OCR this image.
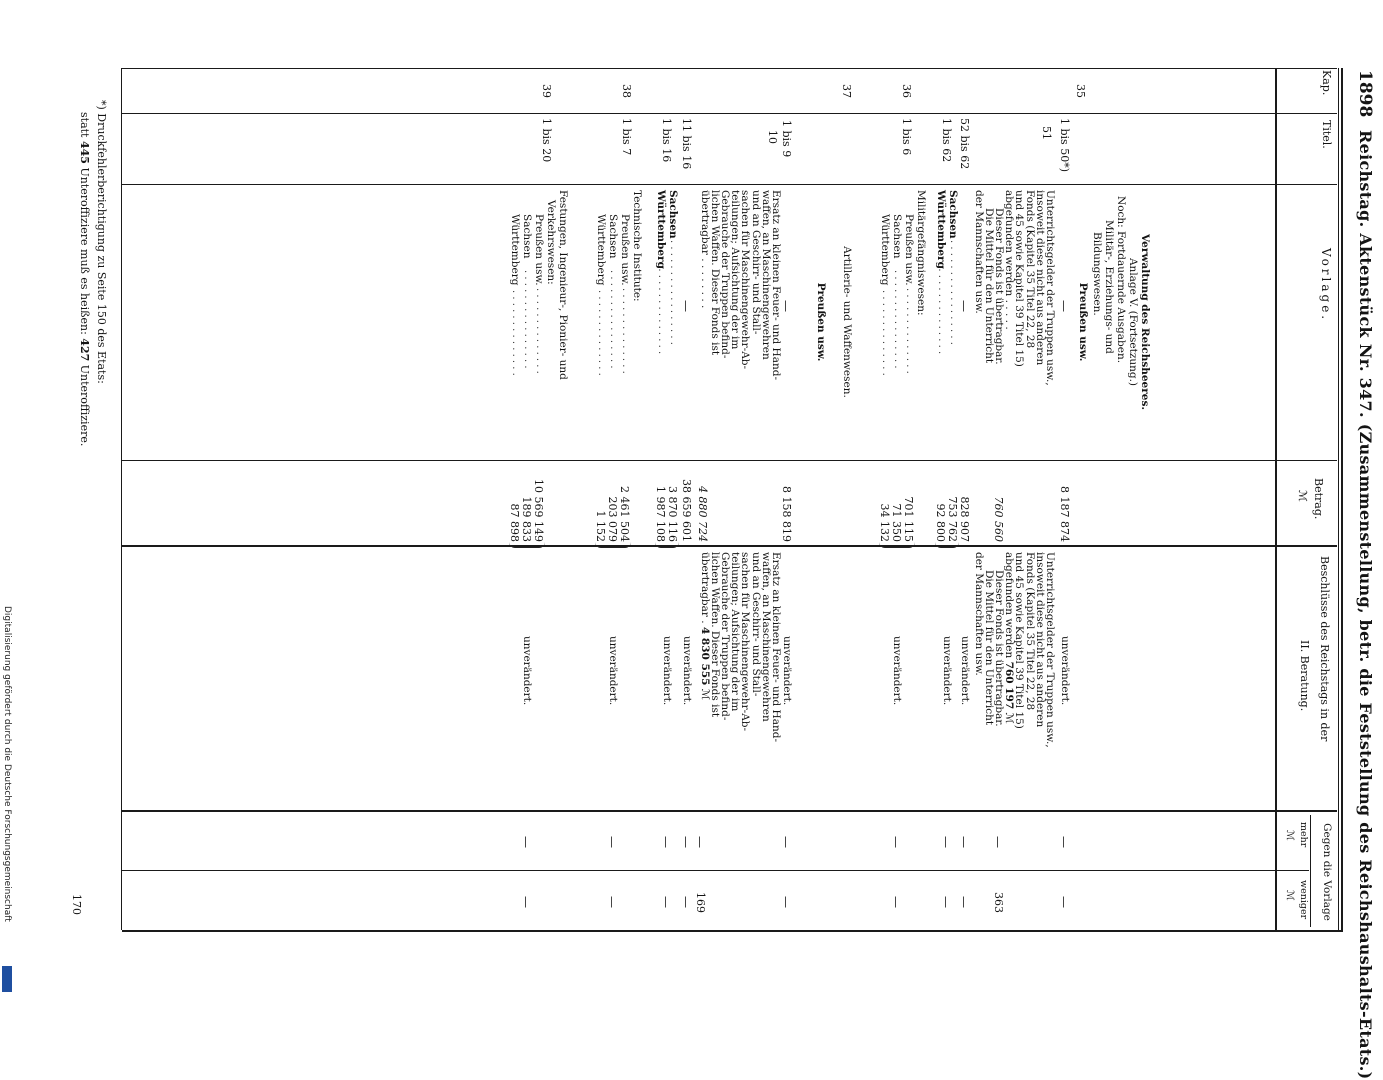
Digitalisierung gefördert durch die Deutsche Forschungsgemeinschaft
1898
Reichstag. Aktenstück Nr. 347. (Zusammenstellung, betr. die Feststellung des Reichshaushalts-Etats.)
Kap.
Titel.
Vorlage.
Betrag.
ℳ
Beschlüsse des Reichstags in der
II. Beratung.
Gegen die Vorlage
mehr
weniger
ℳ
ℳ
Verwaltung des Reichsheeres.
Anlage V. (Fortsetzung.)
Noch: Fortdauernde Ausgaben.
Militär-, Erziehungs- und
Bildungswesen.
Preußen usw.
35
1 bis 50*)
—
8 187 874
unverändert.
—
—
51
Unterrichtsgelder der Truppen usw.,
insoweit diese nicht aus anderen
Fonds (Kapitel 35 Titel 22, 28
und 45 sowie Kapitel 39 Titel 15)
abgefunden werden . . . . .
Dieser Fonds ist übertragbar.
Die Mittel für den Unterricht
der Mannschaften usw.
760 560
Unterrichtsgelder der Truppen usw.,
insoweit diese nicht aus anderen
Fonds (Kapitel 35 Titel 22, 28
und 45 sowie Kapitel 39 Titel 15)
abgefunden werden 760 197 ℳ
Dieser Fonds ist übertragbar.
Die Mittel für den Unterricht
der Mannschaften usw.
—
363
52 bis 62
—
828 907
unverändert.
—
—
1 bis 62
Sachsen
. . . . . . . . . . . . . . . . .
Württemberg
. . . . . . . . . . . . . . .
753 762
92 800
unverändert.
—
—
36
1 bis 6
Militärgefängniswesen:
Preußen usw.
. . . . . . . . . . . . . .
Sachsen
. . . . . . . . . . . . . . . .
Württemberg
. . . . . . . . . . . . . .
701 115
71 350
34 132
unverändert.
—
—
37
Artillerie- und Waffenwesen.
Preußen usw.
1 bis 9
—
8 158 819
unverändert.
—
—
10
Ersatz an kleinen Feuer- und Hand-
waffen, an Maschinengewehren
und an Geschirr- und Stall-
sachen für Maschinengewehr-Ab-
teilungen; Aufsichtung der im
Gebrauche der Truppen befind-
lichen Waffen. Dieser Fonds ist
übertragbar . . . . . . . .
4 880 724
Ersatz an kleinen Feuer- und Hand-
waffen, an Maschinengewehren
und an Geschirr- und Stall-
sachen für Maschinengewehr-Ab-
teilungen; Aufsichtung der im
Gebrauche der Truppen befind-
lichen Waffen. Dieser Fonds ist
übertragbar . 4 830 555 ℳ
—
169
11 bis 16
—
38 659 601
unverändert.
—
—
1 bis 16
Sachsen
. . . . . . . . . . . . . . . . .
Württemberg
. . . . . . . . . . . . . . .
3 870 116
1 987 108
unverändert.
—
—
38
1 bis 7
Technische Institute:
Preußen usw.
. . . . . . . . . . . . . .
Sachsen
. . . . . . . . . . . . . . . .
Württemberg
. . . . . . . . . . . . . .
2 461 504
203 079
1 152
unverändert.
—
—
39
1 bis 20
Festungen, Ingenieur-, Pionier- und
Verkehrswesen:
Preußen usw.
. . . . . . . . . . . . . .
Sachsen
. . . . . . . . . . . . . . . .
Württemberg
. . . . . . . . . . . . . .
10 569 149
189 833
87 898
unverändert.
—
—
*) Druckfehlerberichtigung zu Seite 150 des Etats:
statt 445 Unteroffiziere muß es heißen: 427 Unteroffiziere.
170
